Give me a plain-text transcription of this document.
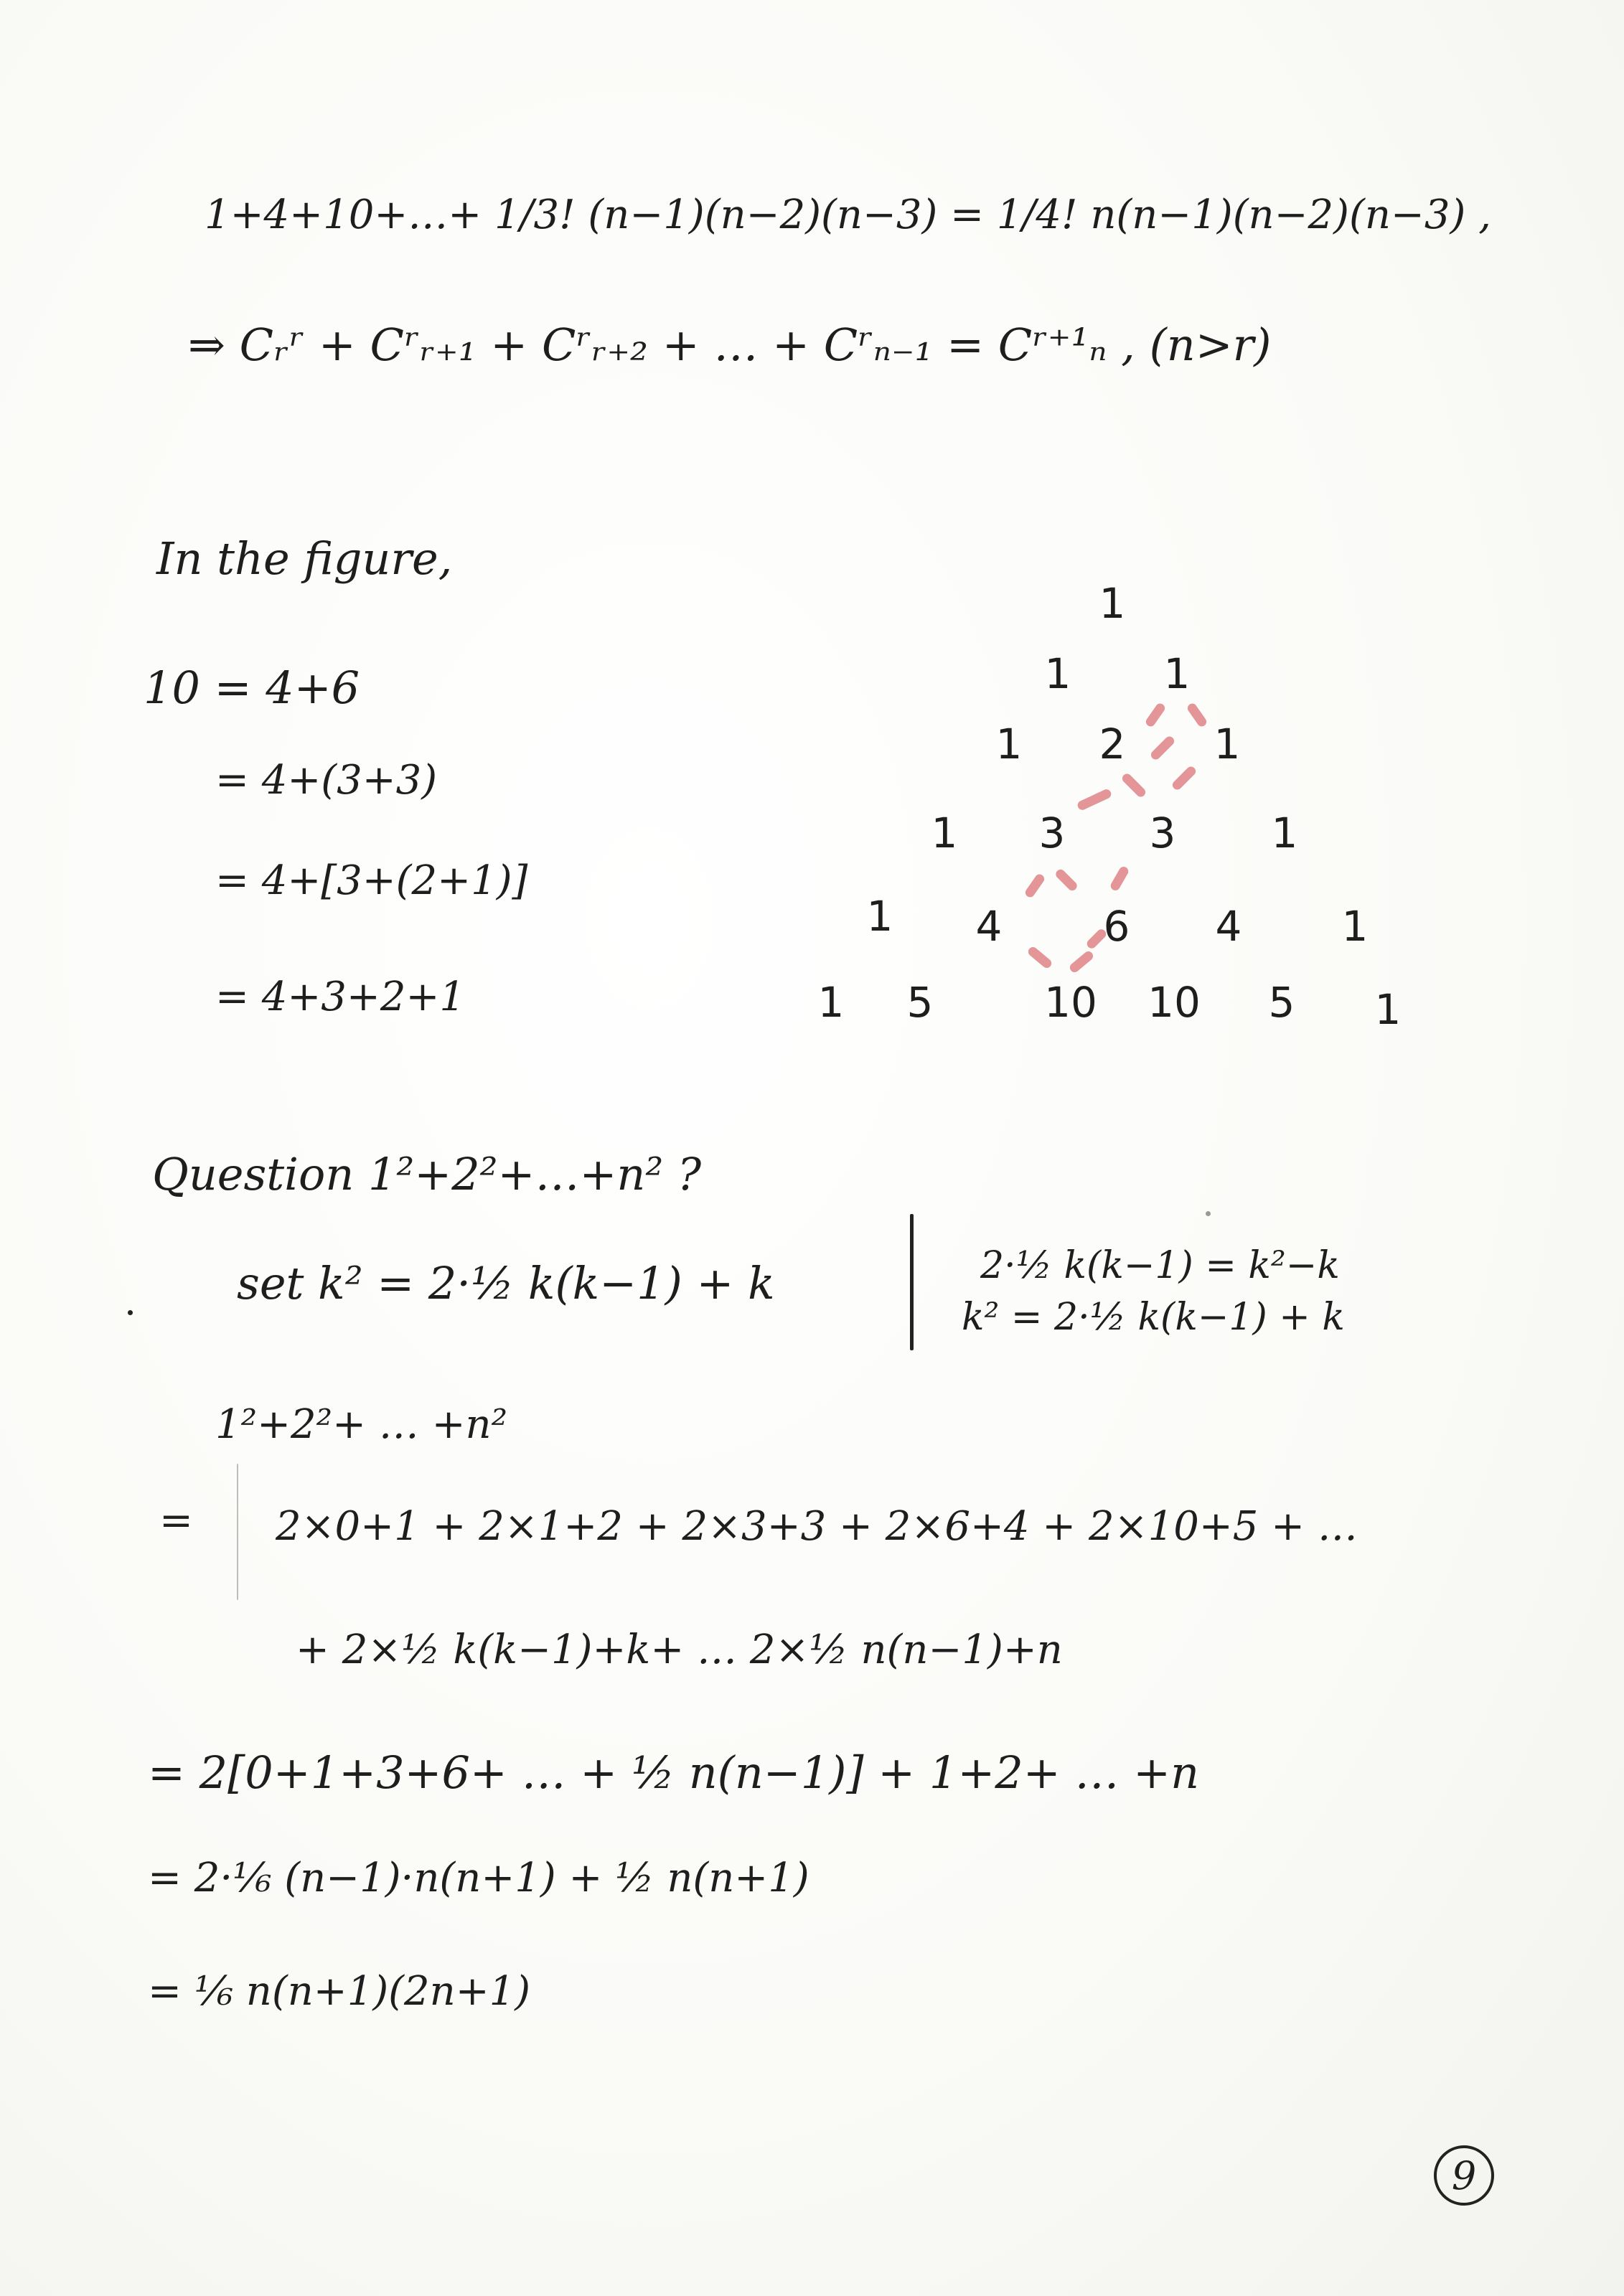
1+4+10+…+ 1/3! (n−1)(n−2)(n−3) = 1/4! n(n−1)(n−2)(n−3) ,
⇒ Cᵣʳ + Cʳᵣ₊₁ + Cʳᵣ₊₂ + … + Cʳₙ₋₁ = Cʳ⁺¹ₙ , (n>r)
In the figure,
10 = 4+6
= 4+(3+3)
= 4+[3+(2+1)]
= 4+3+2+1
1
1 1
1 2 1
1 3 3 1
1 4 6 4 1
1 5	10 10 5 1
Question 1²+2²+…+n² ?
set k² = 2·½ k(k−1) + k	2·½ k(k−1) = k²−k
k² = 2·½ k(k−1) + k
1²+2²+ … +n²
= 2×0+1 + 2×1+2 + 2×3+3 + 2×6+4 + 2×10+5 + …
+ 2×½ k(k−1)+k+ … 2×½ n(n−1)+n
= 2[0+1+3+6+ … + ½ n(n−1)] + 1+2+ … +n
= 2·⅙ (n−1)·n(n+1) + ½ n(n+1)
= ⅙ n(n+1)(2n+1)
9
